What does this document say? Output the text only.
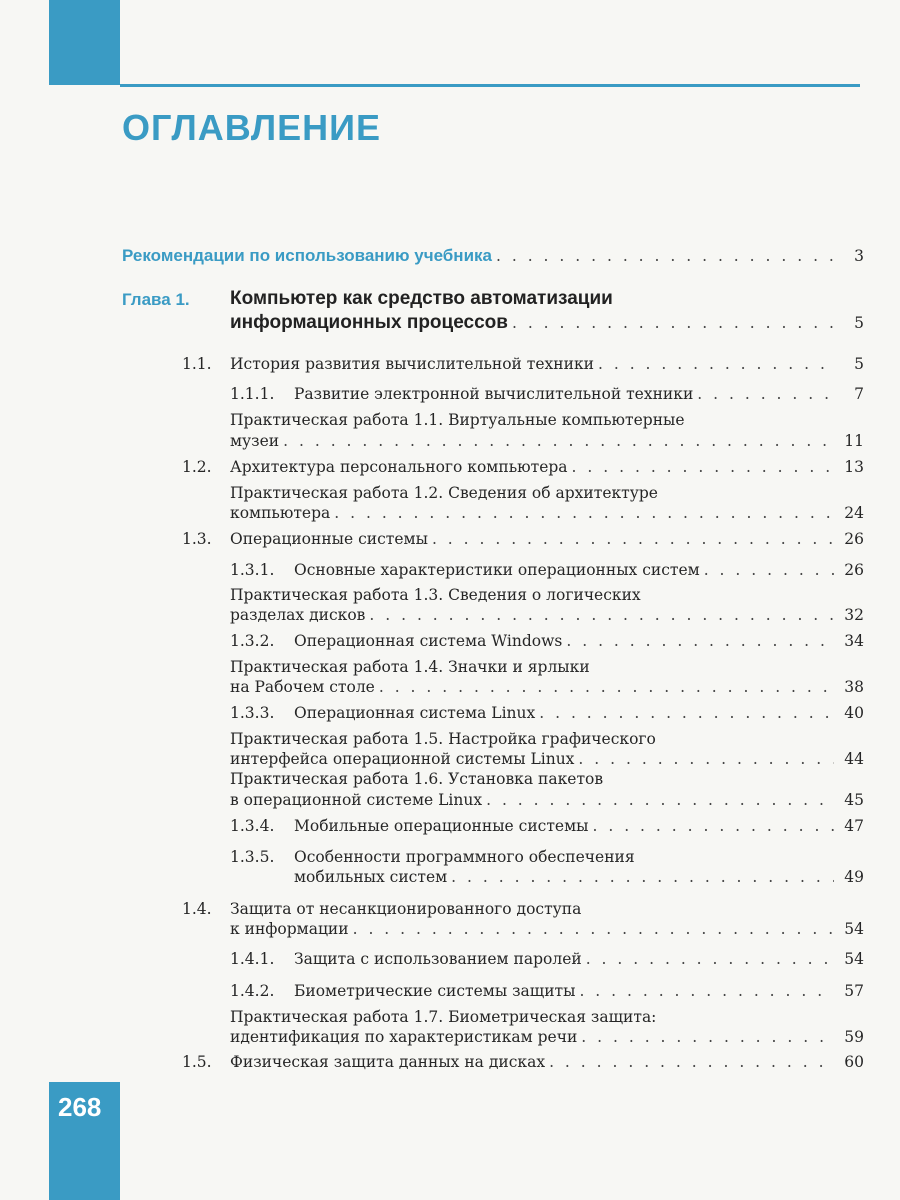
ОГЛАВЛЕНИЕ
Рекомендации по использованию учебника . . .	3
Глава 1. Компьютер как средство автоматизации
информационных процессов . . .	5
1.1.	История развития вычислительной техники . . .	5
1.1.1.	Развитие электронной вычислительной техники . . .	7
Практическая работа 1.1. Виртуальные компьютерные
музеи . . .	11
1.2.	Архитектура персонального компьютера . . .	13
Практическая работа 1.2. Сведения об архитектуре
компьютера . . .	24
1.3.	Операционные системы . . .	26
1.3.1.	Основные характеристики операционных систем . . .	26
Практическая работа 1.3. Сведения о логических
разделах дисков . . .	32
1.3.2.	Операционная система Windows . . .	34
Практическая работа 1.4. Значки и ярлыки
на Рабочем столе . . .	38
1.3.3.	Операционная система Linux . . .	40
Практическая работа 1.5. Настройка графического
интерфейса операционной системы Linux . . .	44
Практическая работа 1.6. Установка пакетов
в операционной системе Linux . . .	45
1.3.4.	Мобильные операционные системы . . .	47
1.3.5. Особенности программного обеспечения
мобильных систем . . .	49
1.4. Защита от несанкционированного доступа
к информации . . .	54
1.4.1.	Защита с использованием паролей . . .	54
1.4.2.	Биометрические системы защиты . . .	57
Практическая работа 1.7. Биометрическая защита:
идентификация по характеристикам речи . . .	59
1.5.	Физическая защита данных на дисках . . .	60
268
